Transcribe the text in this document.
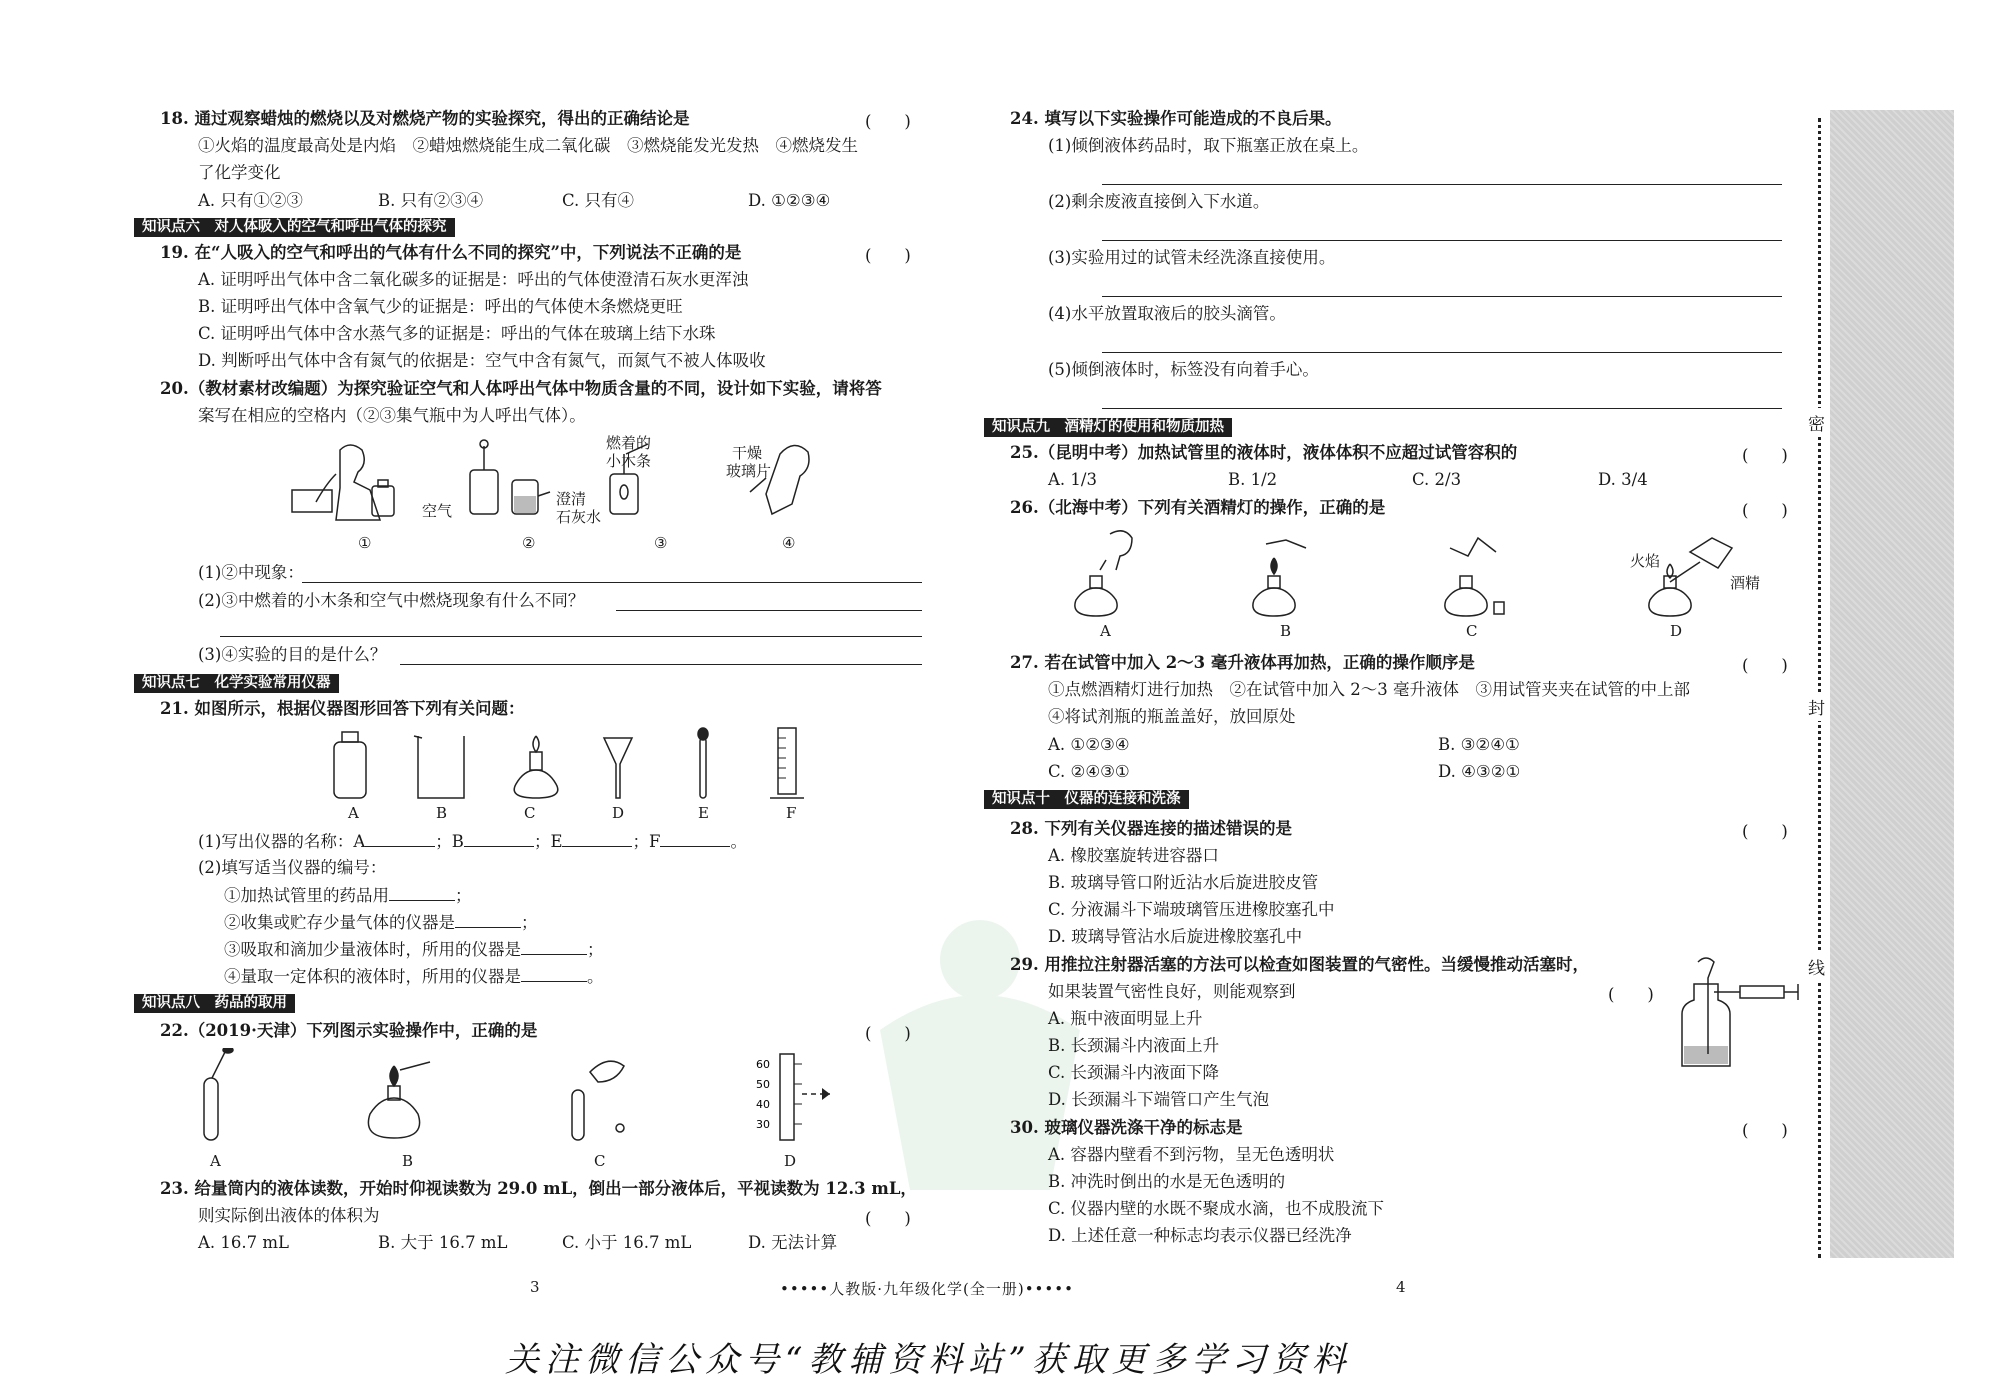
密
封
线
18. 通过观察蜡烛的燃烧以及对燃烧产物的实验探究，得出的正确结论是	(　　)
①火焰的温度最高处是内焰　②蜡烛燃烧能生成二氧化碳　③燃烧能发光发热　④燃烧发生
了化学变化
A. 只有①②③	B. 只有②③④	C. 只有④	D. ①②③④
知识点六　对人体吸入的空气和呼出气体的探究
19. 在“人吸入的空气和呼出的气体有什么不同的探究”中，下列说法不正确的是	(　　)
A. 证明呼出气体中含二氧化碳多的证据是：呼出的气体使澄清石灰水更浑浊
B. 证明呼出气体中含氧气少的证据是：呼出的气体使木条燃烧更旺
C. 证明呼出气体中含水蒸气多的证据是：呼出的气体在玻璃上结下水珠
D. 判断呼出气体中含有氮气的依据是：空气中含有氮气，而氮气不被人体吸收
20.（教材素材改编题）为探究验证空气和人体呼出气体中物质含量的不同，设计如下实验，请将答
案写在相应的空格内（②③集气瓶中为人呼出气体）。
空气
澄清
石灰水
燃着的
小木条	干燥
玻璃片
①	②	③	④
(1)②中现象：
(2)③中燃着的小木条和空气中燃烧现象有什么不同？
(3)④实验的目的是什么？
知识点七　化学实验常用仪器
21. 如图所示，根据仪器图形回答下列有关问题：
A	B	C	D	E	F
(1)写出仪器的名称：A	；B	；E	；F	。
(2)填写适当仪器的编号：
①加热试管里的药品用	；
②收集或贮存少量气体的仪器是	；
③吸取和滴加少量液体时，所用的仪器是	；
④量取一定体积的液体时，所用的仪器是	。
知识点八　药品的取用
22.（2019·天津）下列图示实验操作中，正确的是	(　　)
60
50
40
30
A	B	C	D
23. 给量筒内的液体读数，开始时仰视读数为 29.0 mL，倒出一部分液体后，平视读数为 12.3 mL，
则实际倒出液体的体积为	(　　)
A. 16.7 mL	B. 大于 16.7 mL	C. 小于 16.7 mL	D. 无法计算
24. 填写以下实验操作可能造成的不良后果。
(1)倾倒液体药品时，取下瓶塞正放在桌上。
(2)剩余废液直接倒入下水道。
(3)实验用过的试管未经洗涤直接使用。
(4)水平放置取液后的胶头滴管。
(5)倾倒液体时，标签没有向着手心。
知识点九　酒精灯的使用和物质加热
25.（昆明中考）加热试管里的液体时，液体体积不应超过试管容积的	(　　)
A. 1/3	B. 1/2	C. 2/3	D. 3/4
26.（北海中考）下列有关酒精灯的操作，正确的是	(　　)
火焰
酒精
A	B	C	D
27. 若在试管中加入 2～3 毫升液体再加热，正确的操作顺序是	(　　)
①点燃酒精灯进行加热　②在试管中加入 2～3 毫升液体　③用试管夹夹在试管的中上部
④将试剂瓶的瓶盖盖好，放回原处
A. ①②③④	B. ③②④①
C. ②④③①	D. ④③②①
知识点十　仪器的连接和洗涤
28. 下列有关仪器连接的描述错误的是	(　　)
A. 橡胶塞旋转进容器口
B. 玻璃导管口附近沾水后旋进胶皮管
C. 分液漏斗下端玻璃管压进橡胶塞孔中
D. 玻璃导管沾水后旋进橡胶塞孔中
29. 用推拉注射器活塞的方法可以检查如图装置的气密性。当缓慢推动活塞时，
如果装置气密性良好，则能观察到	(　　)
A. 瓶中液面明显上升
B. 长颈漏斗内液面上升
C. 长颈漏斗内液面下降
D. 长颈漏斗下端管口产生气泡
30. 玻璃仪器洗涤干净的标志是	(　　)
A. 容器内壁看不到污物，呈无色透明状
B. 冲洗时倒出的水是无色透明的
C. 仪器内壁的水既不聚成水滴，也不成股流下
D. 上述任意一种标志均表示仪器已经洗净
3	•••••人教版·九年级化学(全一册)•••••	4
关注微信公众号“教辅资料站”获取更多学习资料
